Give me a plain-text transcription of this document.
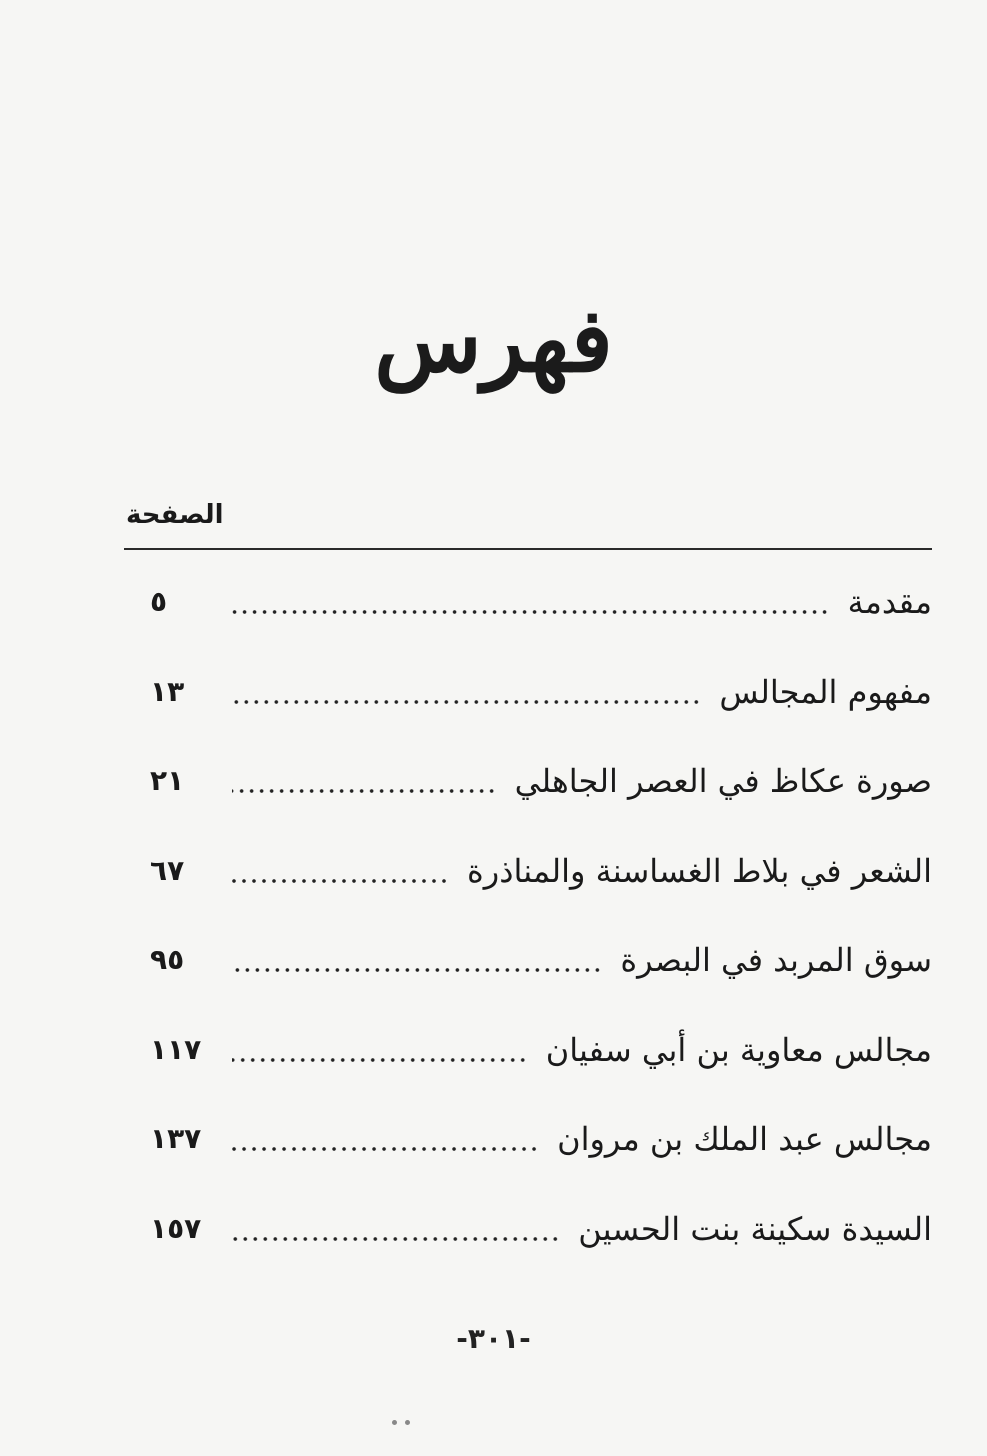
فهرس
الصفحة
مقدمة
٥
مفهوم المجالس
١٣
صورة عكاظ في العصر الجاهلي
٢١
الشعر في بلاط الغساسنة والمناذرة
٦٧
سوق المربد في البصرة
٩٥
مجالس معاوية بن أبي سفيان
١١٧
مجالس عبد الملك بن مروان
١٣٧
السيدة سكينة بنت الحسين
١٥٧
-٣٠١-
